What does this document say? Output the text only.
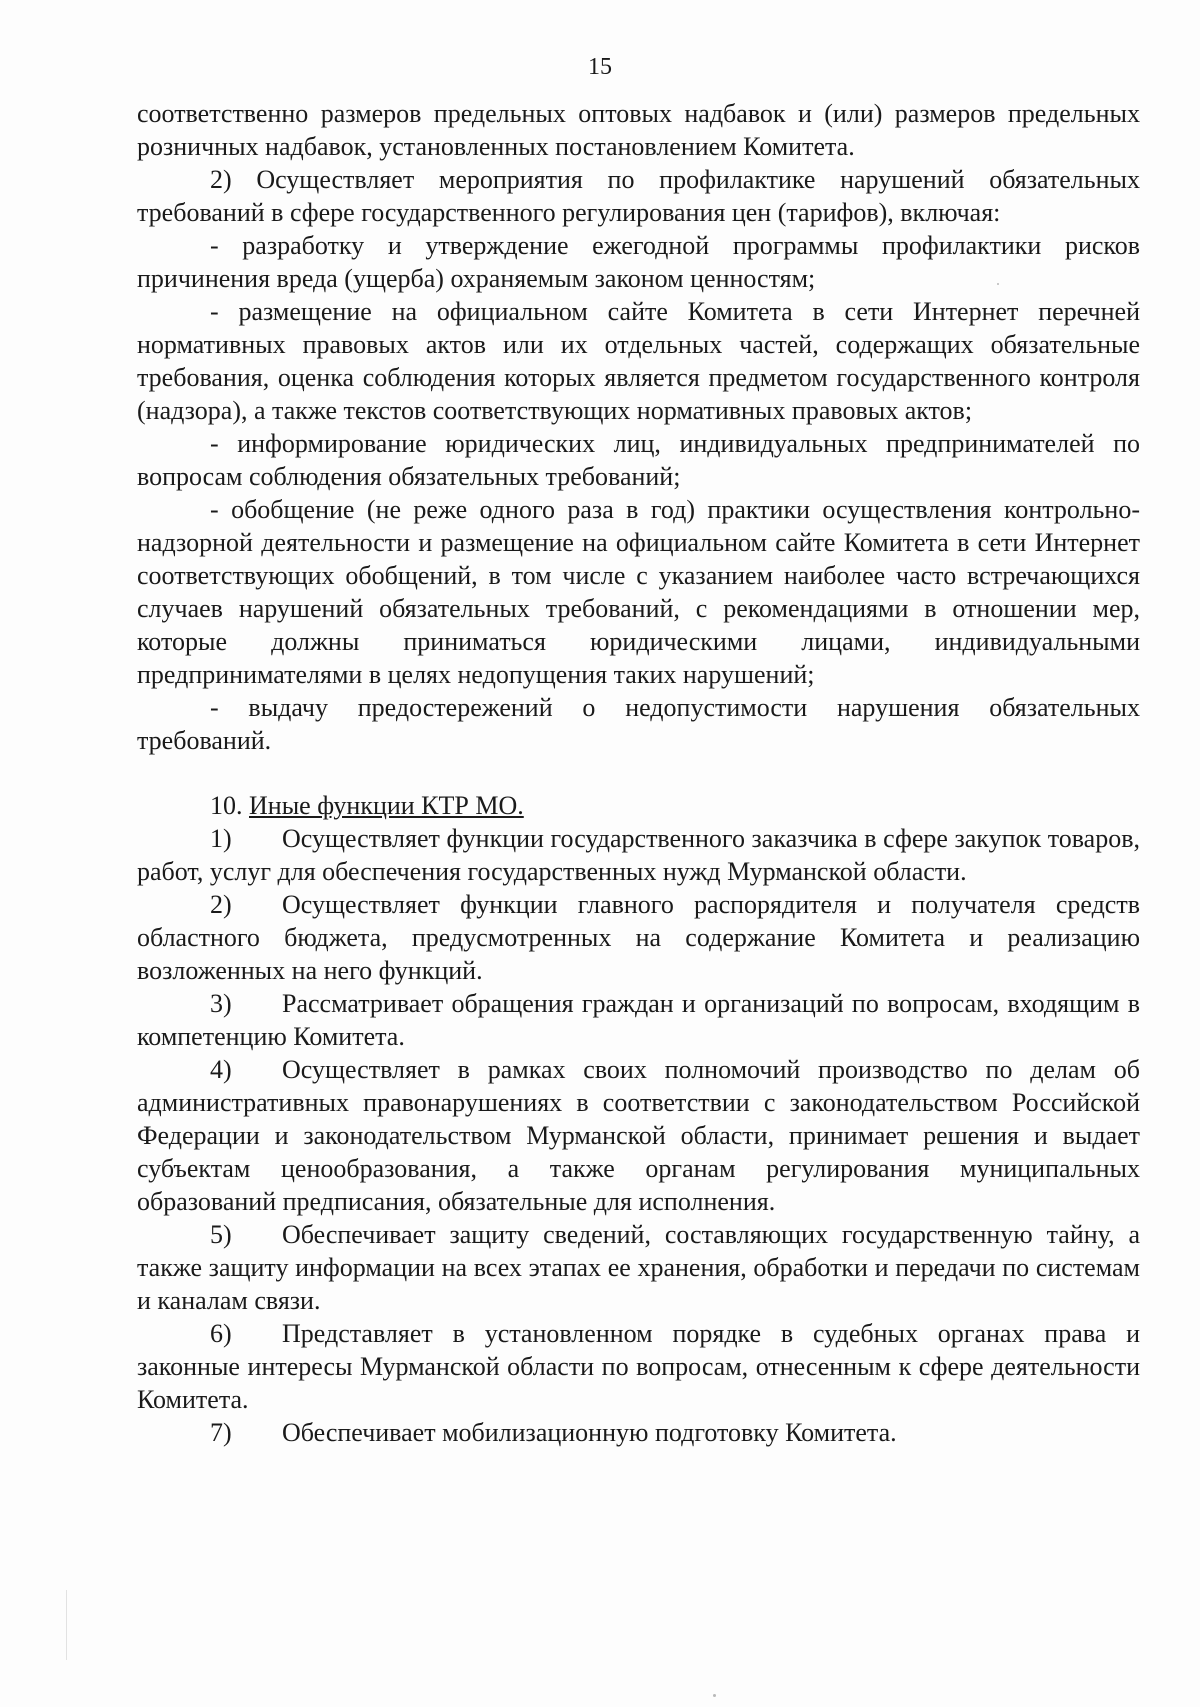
15

соответственно размеров предельных оптовых надбавок и (или) размеров предельных розничных надбавок, установленных постановлением Комитета.

2) Осуществляет мероприятия по профилактике нарушений обязательных требований в сфере государственного регулирования цен (тарифов), включая:

- разработку и утверждение ежегодной программы профилактики рисков причинения вреда (ущерба) охраняемым законом ценностям;

- размещение на официальном сайте Комитета в сети Интернет перечней нормативных правовых актов или их отдельных частей, содержащих обязательные требования, оценка соблюдения которых является предметом государственного контроля (надзора), а также текстов соответствующих нормативных правовых актов;

- информирование юридических лиц, индивидуальных предпринимателей по вопросам соблюдения обязательных требований;

- обобщение (не реже одного раза в год) практики осуществления контрольно-надзорной деятельности и размещение на официальном сайте Комитета в сети Интернет соответствующих обобщений, в том числе с указанием наиболее часто встречающихся случаев нарушений обязательных требований, с рекомендациями в отношении мер, которые должны приниматься юридическими лицами, индивидуальными предпринимателями в целях недопущения таких нарушений;

- выдачу предостережений о недопустимости нарушения обязательных требований.

10. Иные функции КТР МО.

1) Осуществляет функции государственного заказчика в сфере закупок товаров, работ, услуг для обеспечения государственных нужд Мурманской области.

2) Осуществляет функции главного распорядителя и получателя средств областного бюджета, предусмотренных на содержание Комитета и реализацию возложенных на него функций.

3) Рассматривает обращения граждан и организаций по вопросам, входящим в компетенцию Комитета.

4) Осуществляет в рамках своих полномочий производство по делам об административных правонарушениях в соответствии с законодательством Российской Федерации и законодательством Мурманской области, принимает решения и выдает субъектам ценообразования, а также органам регулирования муниципальных образований предписания, обязательные для исполнения.

5) Обеспечивает защиту сведений, составляющих государственную тайну, а также защиту информации на всех этапах ее хранения, обработки и передачи по системам и каналам связи.

6) Представляет в установленном порядке в судебных органах права и законные интересы Мурманской области по вопросам, отнесенным к сфере деятельности Комитета.

7) Обеспечивает мобилизационную подготовку Комитета.
